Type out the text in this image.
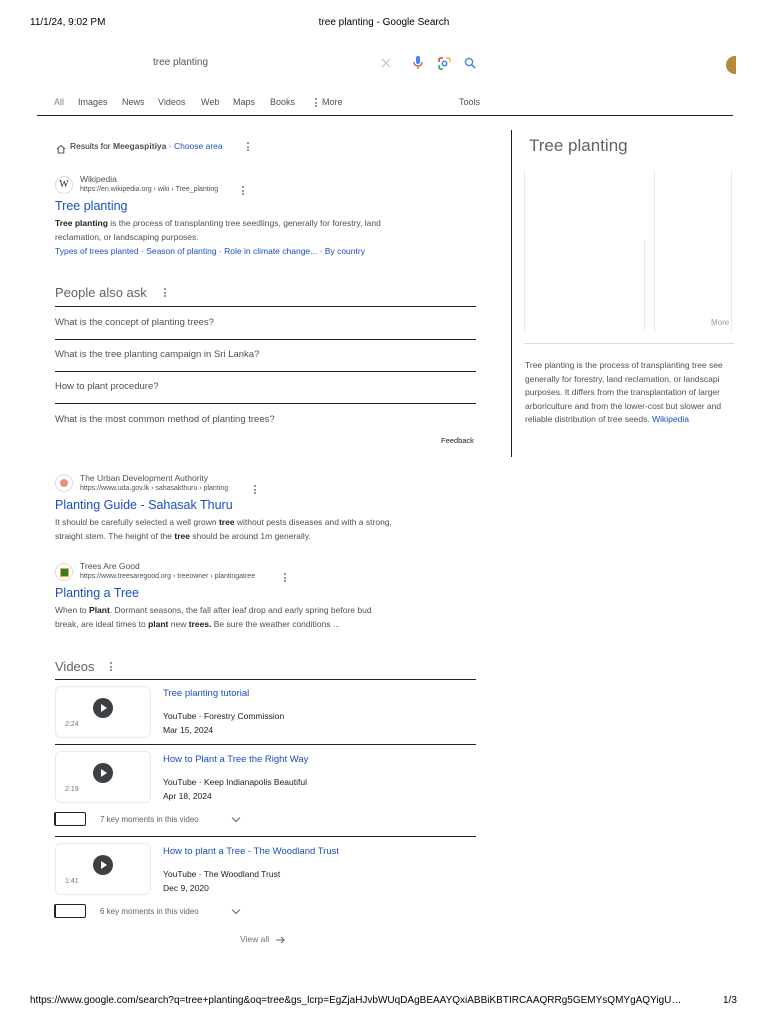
11/1/24, 9:02 PM	tree planting - Google Search
tree planting
All Images News Videos Web Maps Books	More	Tools
Results for Meegaspitiya · Choose area
W	Wikipedia
https://en.wikipedia.org › wiki › Tree_planting
Tree planting
Tree planting is the process of transplanting tree seedlings, generally for forestry, land
reclamation, or landscaping purposes.
Types of trees planted · Season of planting · Role in climate change... · By country
People also ask
What is the concept of planting trees?
What is the tree planting campaign in Sri Lanka?
How to plant procedure?
What is the most common method of planting trees?
Feedback
The Urban Development Authority
https://www.uda.gov.lk › sahasakthuru › planting
Planting Guide - Sahasak Thuru
It should be carefully selected a well grown tree without pests diseases and with a strong,
straight stem. The height of the tree should be around 1m generally.
Trees Are Good
https://www.treesaregood.org › treeowner › plantingatree
Planting a Tree
When to Plant. Dormant seasons, the fall after leaf drop and early spring before bud
break, are ideal times to plant new trees. Be sure the weather conditions ...
Videos
2:24
Tree planting tutorial
YouTube · Forestry Commission
Mar 15, 2024
2:19
How to Plant a Tree the Right Way
YouTube · Keep Indianapolis Beautiful
Apr 18, 2024
7 key moments in this video
1:41
How to plant a Tree - The Woodland Trust
YouTube · The Woodland Trust
Dec 9, 2020
6 key moments in this video
View all
Tree planting
More
Tree planting is the process of transplanting tree see
generally for forestry, land reclamation, or landscapi
purposes. It differs from the transplantation of larger
arboriculture and from the lower-cost but slower and
reliable distribution of tree seeds. Wikipedia
https://www.google.com/search?q=tree+planting&oq=tree&gs_lcrp=EgZjaHJvbWUqDAgBEAAYQxiABBiKBTIRCAAQRRg5GEMYsQMYgAQYigU…	1/3
